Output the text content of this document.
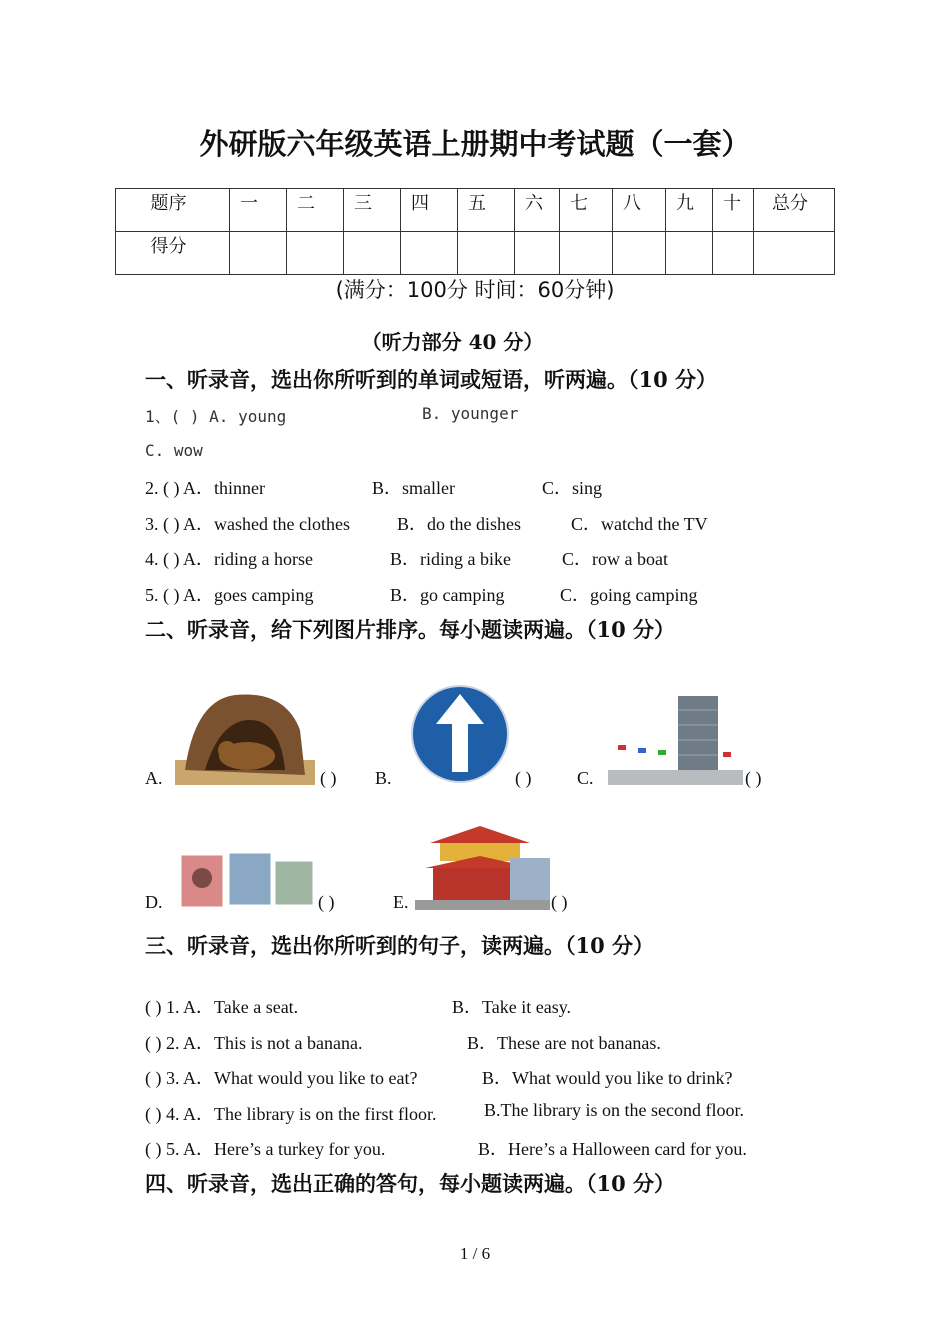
外研版六年级英语上册期中考试题（一套）
题序	一	二	三	四	五	六	七	八	九	十	总分
得分											
(满分：100分 时间：60分钟)
（听力部分 40 分）
一、听录音，选出你所听到的单词或短语，听两遍。（10 分）
1、( ) A. young	B. younger
C. wow
2. ( ) A．thinner	B．smaller	C．sing
3. ( ) A．washed the clothes	B．do the dishes	C．watchd the TV
4. ( ) A．riding a horse	B．riding a bike	C．row a boat
5. ( ) A．goes camping	B．go camping	C．going camping
二、听录音，给下列图片排序。每小题读两遍。（10 分）
A.	( ) B.	( )	C.	( )
D.	( )	E.	( )
三、听录音，选出你所听到的句子，读两遍。（10 分）
( ) 1. A．Take a seat.	B．Take it easy.
( ) 2. A．This is not a banana.	B．These are not bananas.
( ) 3. A．What would you like to eat?	B．What would you like to drink?
( ) 4. A．The library is on the first floor.	B.The library is on the second floor.
( ) 5. A．Here’s a turkey for you.	B．Here’s a Halloween card for you.
四、听录音，选出正确的答句，每小题读两遍。（10 分）
1 / 6
